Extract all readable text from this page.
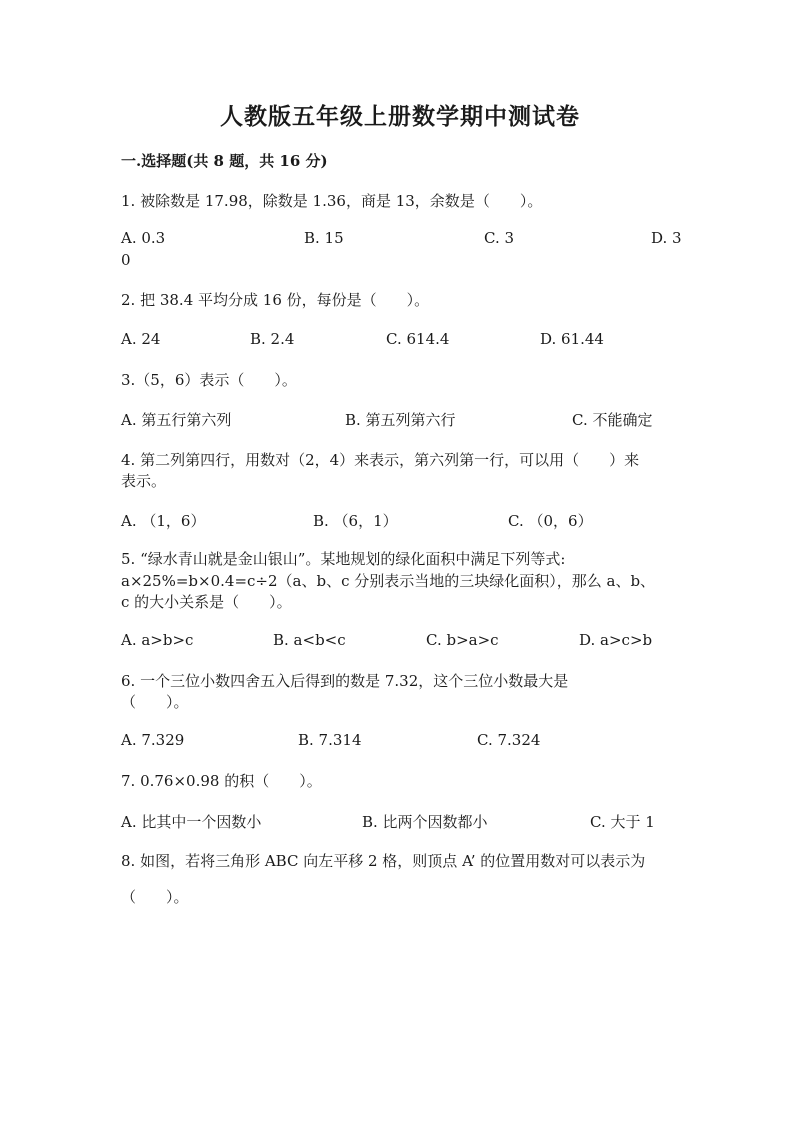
人教版五年级上册数学期中测试卷
一.选择题(共 8 题，共 16 分)
1. 被除数是 17.98，除数是 1.36，商是 13，余数是（　　）。
A. 0.3	B. 15	C. 3	D. 3
0
2. 把 38.4 平均分成 16 份，每份是（　　）。
A. 24	B. 2.4	C. 614.4	D. 61.44
3.（5，6）表示（　　）。
A. 第五行第六列	B. 第五列第六行	C. 不能确定
4. 第二列第四行，用数对（2，4）来表示，第六列第一行，可以用（　　）来
表示。
A. （1，6）	B. （6，1）	C. （0，6）
5. “绿水青山就是金山银山”。某地规划的绿化面积中满足下列等式:
a×25%=b×0.4=c÷2（a、b、c 分别表示当地的三块绿化面积），那么 a、b、
c 的大小关系是（　　）。
A. a>b>c	B. a<b<c	C. b>a>c	D. a>c>b
6. 一个三位小数四舍五入后得到的数是 7.32，这个三位小数最大是
（　　）。
A. 7.329	B. 7.314	C. 7.324
7. 0.76×0.98 的积（　　）。
A. 比其中一个因数小	B. 比两个因数都小	C. 大于 1
8. 如图，若将三角形 ABC 向左平移 2 格，则顶点 A’ 的位置用数对可以表示为
（　　）。
